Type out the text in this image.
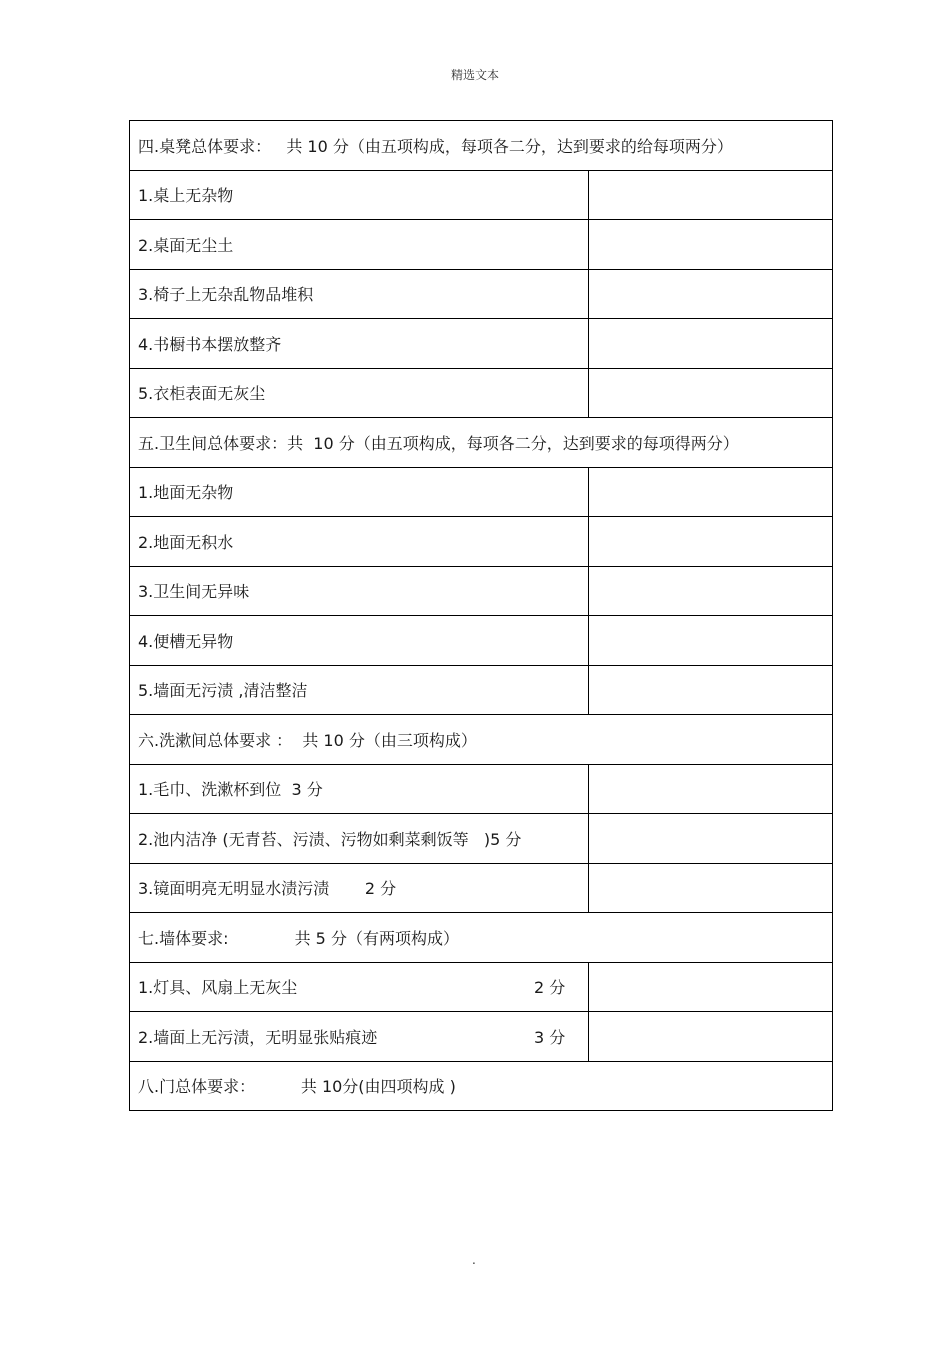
精选文本
四.桌凳总体要求：   共 10 分（由五项构成，每项各二分，达到要求的给每项两分）	

1.桌上无杂物	

2.桌面无尘土	

3.椅子上无杂乱物品堆积	

4.书橱书本摆放整齐	

5.衣柜表面无灰尘	

五.卫生间总体要求：共  10 分（由五项构成，每项各二分，达到要求的每项得两分）	

1.地面无杂物	

2.地面无积水	

3.卫生间无异味	

4.便槽无异物	

5.墙面无污渍 ,清洁整洁	

六.洗漱间总体要求 ：  共 10 分（由三项构成）	

1.毛巾、洗漱杯到位  3 分	

2.池内洁净 (无青苔、污渍、污物如剩菜剩饭等   )5 分	

3.镜面明亮无明显水渍污渍       2 分	

七.墙体要求:             共 5 分（有两项构成）	

1.灯具、风扇上无灰尘 2 分	

2.墙面上无污渍，无明显张贴痕迹 3 分	

八.门总体要求：         共 10分(由四项构成 )	
.
